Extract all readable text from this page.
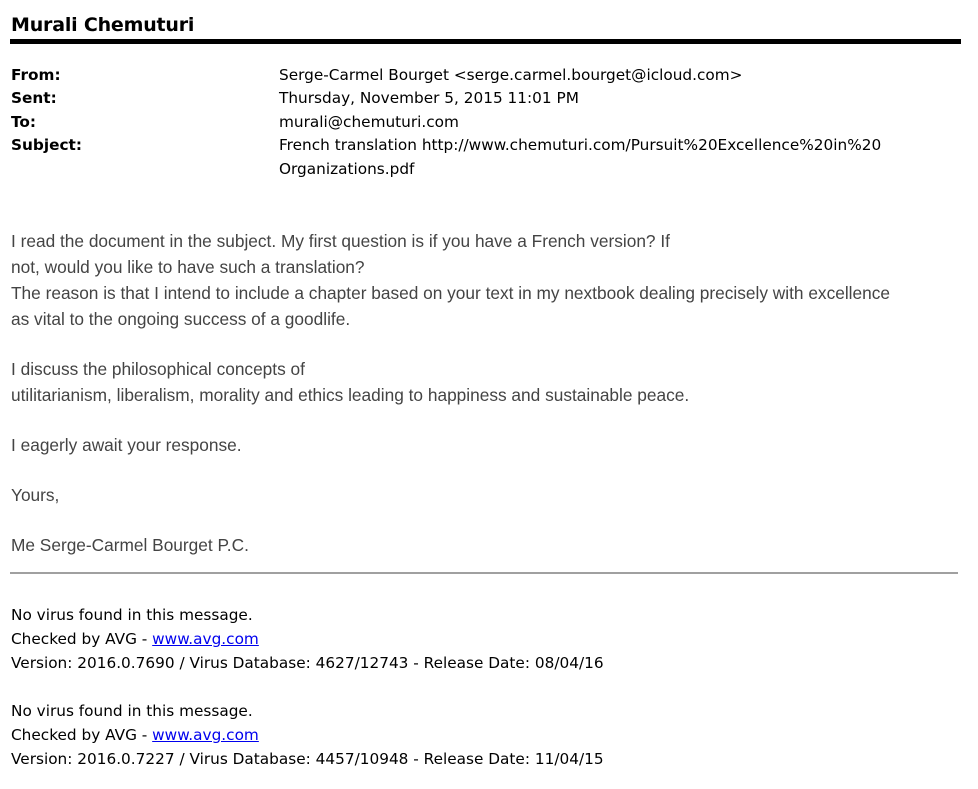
Murali Chemuturi
From:	Serge-Carmel Bourget <serge.carmel.bourget@icloud.com>
Sent:	Thursday, November 5, 2015 11:01 PM
To:	murali@chemuturi.com
Subject:	French translation http://www.chemuturi.com/Pursuit%20Excellence%20in%20Organizations.pdf

I read the document in the subject. My first question is if you have a French version? If

not, would you like to have such a translation?

The reason is that I intend to include a chapter based on your text in my nextbook dealing precisely with excellence

as vital to the ongoing success of a goodlife.

I discuss the philosophical concepts of

utilitarianism, liberalism, morality and ethics leading to happiness and sustainable peace.

I eagerly await your response.

Yours,

Me Serge-Carmel Bourget P.C.

No virus found in this message.
Checked by AVG - www.avg.com
Version: 2016.0.7690 / Virus Database: 4627/12743 - Release Date: 08/04/16
No virus found in this message.
Checked by AVG - www.avg.com
Version: 2016.0.7227 / Virus Database: 4457/10948 - Release Date: 11/04/15
